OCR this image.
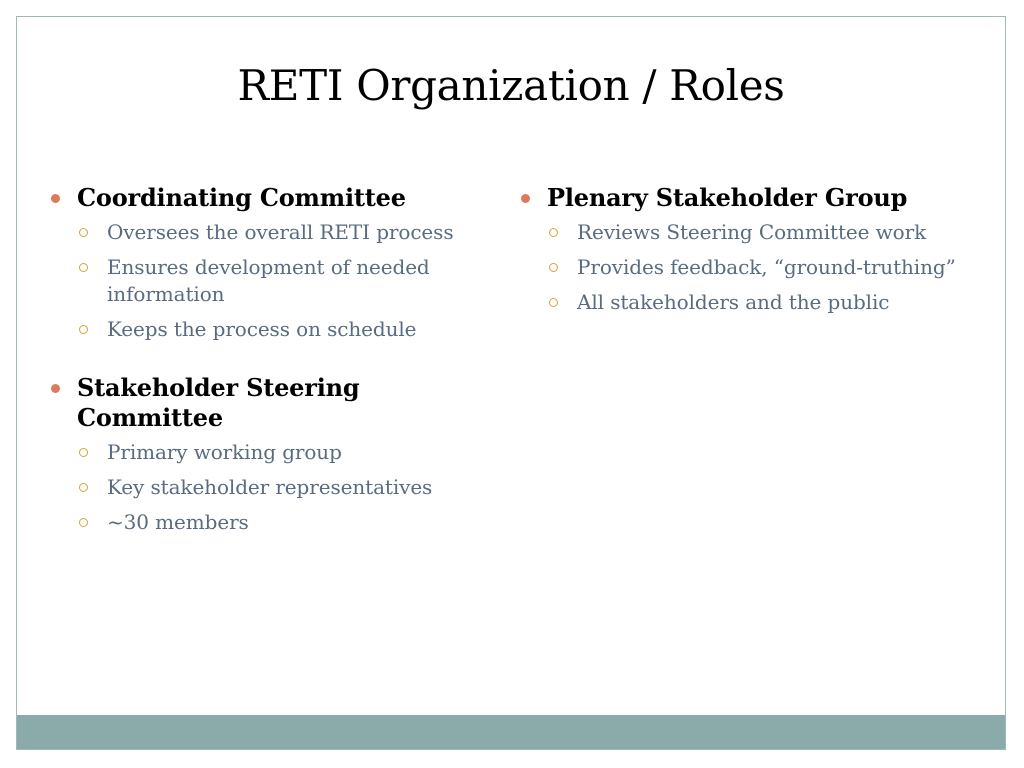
RETI Organization / Roles
Coordinating Committee
Oversees the overall RETI process
Ensures development of needed information
Keeps the process on schedule
Stakeholder Steering Committee
Primary working group
Key stakeholder representatives
~30 members
Plenary Stakeholder Group
Reviews Steering Committee work
Provides feedback, “ground-truthing”
All stakeholders and the public
